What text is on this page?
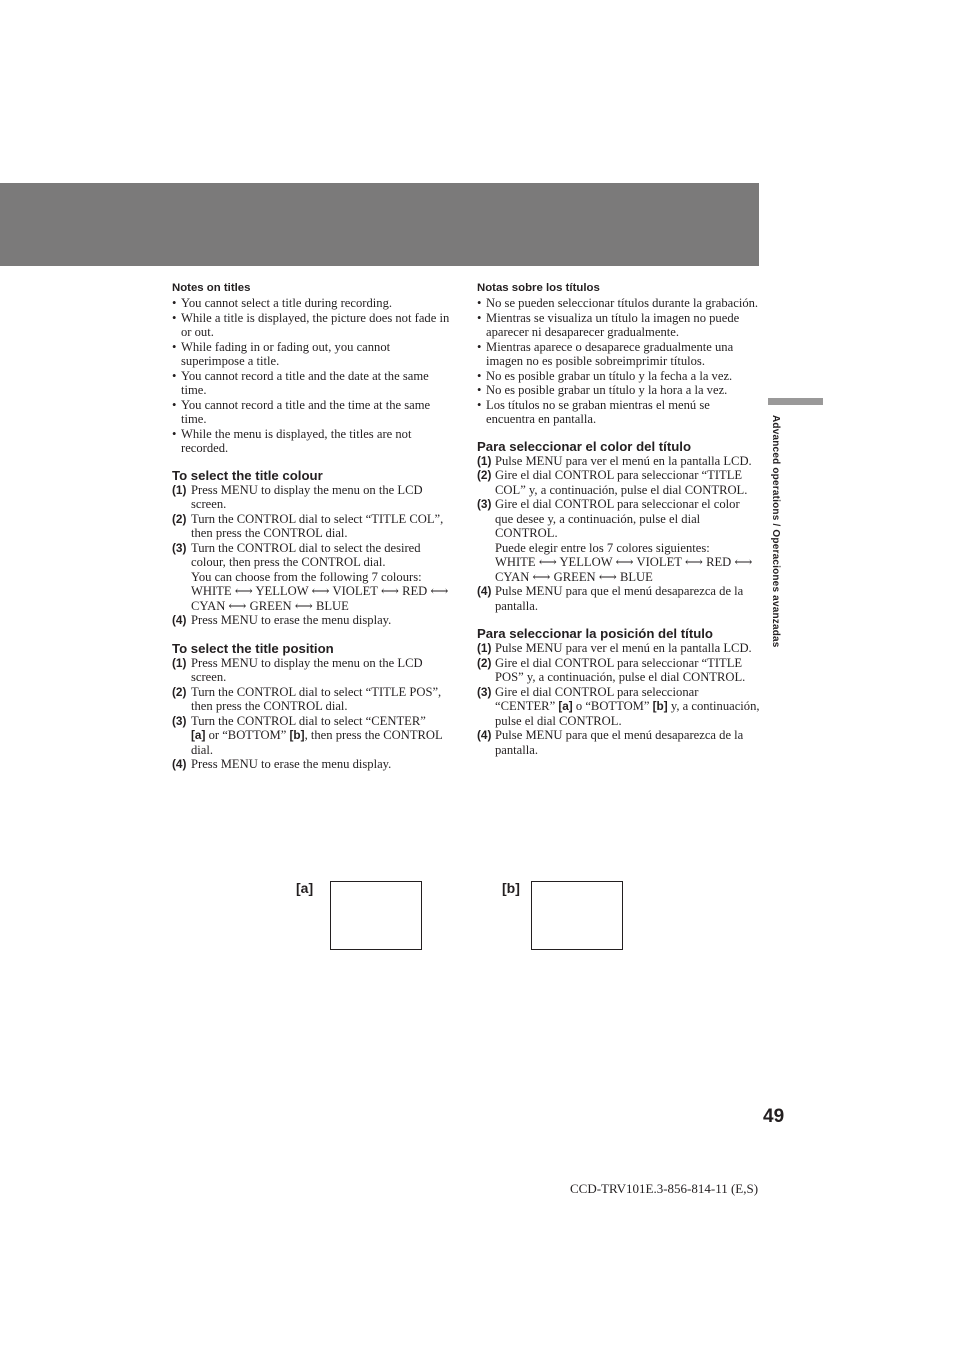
Notes on titles
• You cannot select a title during recording.
• While a title is displayed, the picture does not fade in or out.
• While fading in or fading out, you cannot superimpose a title.
• You cannot record a title and the date at the same time.
• You cannot record a title and the time at the same time.
• While the menu is displayed, the titles are not recorded.
To select the title colour
(1) Press MENU to display the menu on the LCD screen.
(2) Turn the CONTROL dial to select “TITLE COL”, then press the CONTROL dial.
(3) Turn the CONTROL dial to select the desired colour, then press the CONTROL dial.
You can choose from the following 7 colours:
WHITE ⟷ YELLOW ⟷ VIOLET ⟷ RED ⟷ CYAN ⟷ GREEN ⟷ BLUE
(4) Press MENU to erase the menu display.
To select the title position
(1) Press MENU to display the menu on the LCD screen.
(2) Turn the CONTROL dial to select “TITLE POS”, then press the CONTROL dial.
(3) Turn the CONTROL dial to select “CENTER”
[a] or “BOTTOM” [b], then press the CONTROL dial.
(4) Press MENU to erase the menu display.
Notas sobre los títulos
• No se pueden seleccionar títulos durante la grabación.
• Mientras se visualiza un título la imagen no puede aparecer ni desaparecer gradualmente.
• Mientras aparece o desaparece gradualmente una imagen no es posible sobreimprimir títulos.
• No es posible grabar un título y la fecha a la vez.
• No es posible grabar un título y la hora a la vez.
• Los títulos no se graban mientras el menú se encuentra en pantalla.
Para seleccionar el color del título
(1) Pulse MENU para ver el menú en la pantalla LCD.
(2) Gire el dial CONTROL para seleccionar “TITLE COL” y, a continuación, pulse el dial CONTROL.
(3) Gire el dial CONTROL para seleccionar el color que desee y, a continuación, pulse el dial CONTROL.
Puede elegir entre los 7 colores siguientes:
WHITE ⟷ YELLOW ⟷ VIOLET ⟷ RED ⟷ CYAN ⟷ GREEN ⟷ BLUE
(4) Pulse MENU para que el menú desaparezca de la pantalla.
Para seleccionar la posición del título
(1) Pulse MENU para ver el menú en la pantalla LCD.
(2) Gire el dial CONTROL para seleccionar “TITLE POS” y, a continuación, pulse el dial CONTROL.
(3) Gire el dial CONTROL para seleccionar “CENTER” [a] o “BOTTOM” [b] y, a continuación, pulse el dial CONTROL.
(4) Pulse MENU para que el menú desaparezca de la pantalla.
Advanced operations / Operaciones avanzadas
[a]	[b]
49
CCD-TRV101E.3-856-814-11 (E,S)
